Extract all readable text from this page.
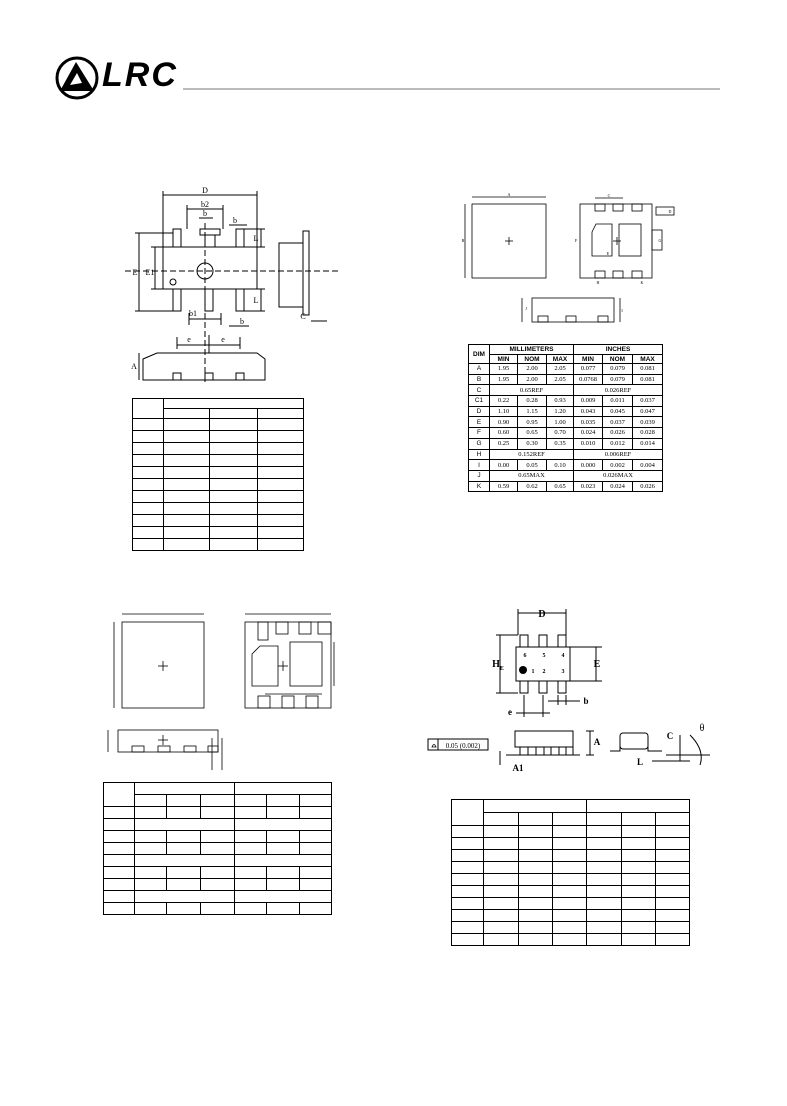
LRC
D
b2
b
b
L
E E1
L
b1
b
C
e	e
A

A
B
C
D
E
F	G
H
I
J
K
DIM	MILLIMETERS			INCHES		
	MIN	NOM	MAX	MIN	NOM	MAX
A	1.95	2.00	2.05	0.077	0.079	0.081
B	1.95	2.00	2.05	0.0768	0.079	0.081
C	0.65REF			0.026REF		
C1	0.22	0.28	0.93	0.009	0.011	0.037
D	1.10	1.15	1.20	0.043	0.045	0.047
E	0.90	0.95	1.00	0.035	0.037	0.039
F	0.60	0.65	0.70	0.024	0.026	0.028
G	0.25	0.30	0.35	0.010	0.012	0.014
H	0.152REF			0.006REF		
I	0.00	0.05	0.10	0.000	0.002	0.004
J	0.65MAX			0.026MAX		
K	0.59	0.62	0.65	0.023	0.024	0.026

D
$H_E$	E
6	5	4
1 2	3
e
b
A
A1
C
L
θ
0.05 (0.002)
